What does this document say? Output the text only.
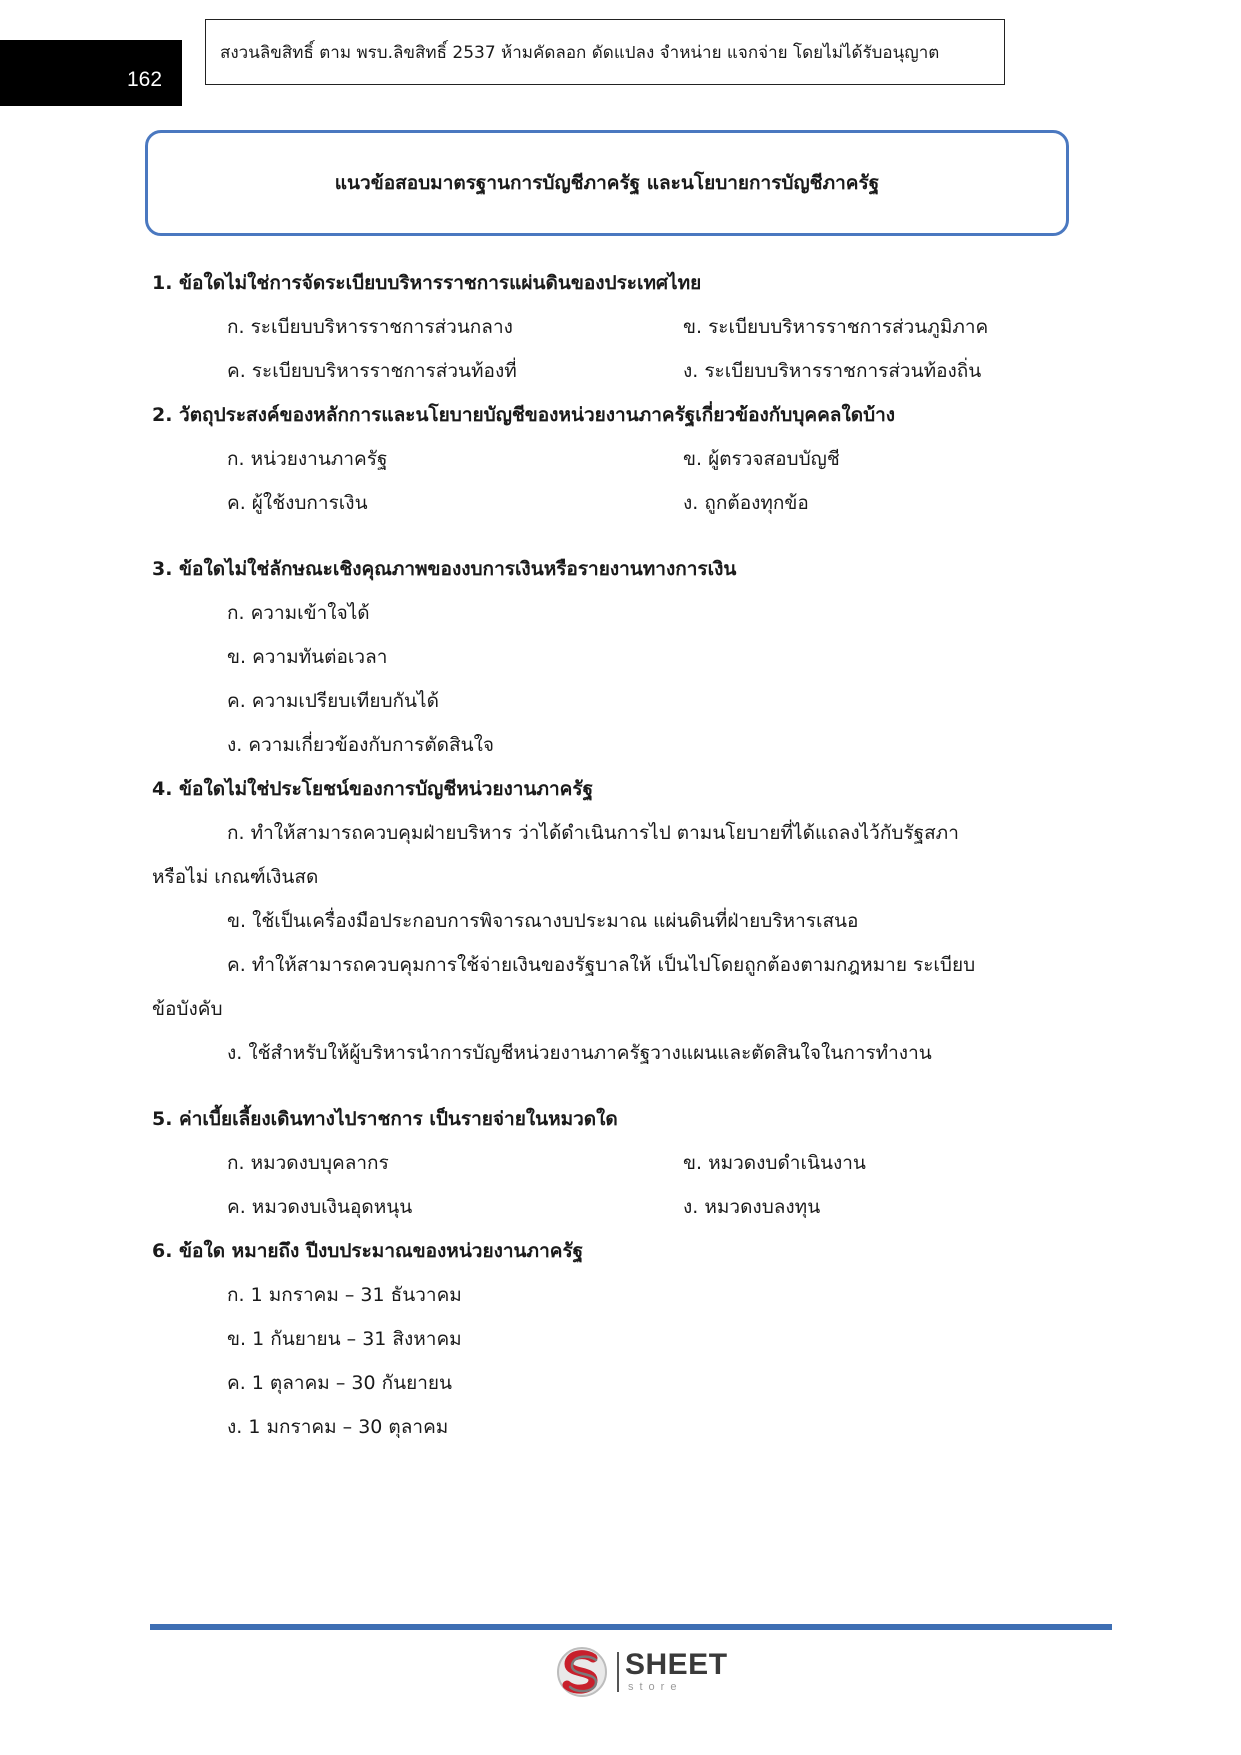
162
สงวนลิขสิทธิ์ ตาม พรบ.ลิขสิทธิ์ 2537 ห้ามคัดลอก ดัดแปลง จำหน่าย แจกจ่าย โดยไม่ได้รับอนุญาต
แนวข้อสอบมาตรฐานการบัญชีภาครัฐ และนโยบายการบัญชีภาครัฐ
1. ข้อใดไม่ใช่การจัดระเบียบบริหารราชการแผ่นดินของประเทศไทย
ก. ระเบียบบริหารราชการส่วนกลาง	ข. ระเบียบบริหารราชการส่วนภูมิภาค
ค. ระเบียบบริหารราชการส่วนท้องที่	ง. ระเบียบบริหารราชการส่วนท้องถิ่น
2. วัตถุประสงค์ของหลักการและนโยบายบัญชีของหน่วยงานภาครัฐเกี่ยวข้องกับบุคคลใดบ้าง
ก. หน่วยงานภาครัฐ	ข. ผู้ตรวจสอบบัญชี
ค. ผู้ใช้งบการเงิน	ง. ถูกต้องทุกข้อ
3. ข้อใดไม่ใช่ลักษณะเชิงคุณภาพของงบการเงินหรือรายงานทางการเงิน
ก. ความเข้าใจได้
ข. ความทันต่อเวลา
ค. ความเปรียบเทียบกันได้
ง. ความเกี่ยวข้องกับการตัดสินใจ
4. ข้อใดไม่ใช่ประโยชน์ของการบัญชีหน่วยงานภาครัฐ
ก. ทำให้สามารถควบคุมฝ่ายบริหาร ว่าได้ดำเนินการไป ตามนโยบายที่ได้แถลงไว้กับรัฐสภา
หรือไม่ เกณฑ์เงินสด
ข. ใช้เป็นเครื่องมือประกอบการพิจารณางบประมาณ แผ่นดินที่ฝ่ายบริหารเสนอ
ค. ทำให้สามารถควบคุมการใช้จ่ายเงินของรัฐบาลให้ เป็นไปโดยถูกต้องตามกฎหมาย ระเบียบ
ข้อบังคับ
ง. ใช้สำหรับให้ผู้บริหารนำการบัญชีหน่วยงานภาครัฐวางแผนและตัดสินใจในการทำงาน
5. ค่าเบี้ยเลี้ยงเดินทางไปราชการ เป็นรายจ่ายในหมวดใด
ก. หมวดงบบุคลากร	ข. หมวดงบดำเนินงาน
ค. หมวดงบเงินอุดหนุน	ง. หมวดงบลงทุน
6. ข้อใด หมายถึง ปีงบประมาณของหน่วยงานภาครัฐ
ก. 1 มกราคม – 31 ธันวาคม
ข. 1 กันยายน – 31 สิงหาคม
ค. 1 ตุลาคม – 30 กันยายน
ง. 1 มกราคม – 30 ตุลาคม
SHEET
store
